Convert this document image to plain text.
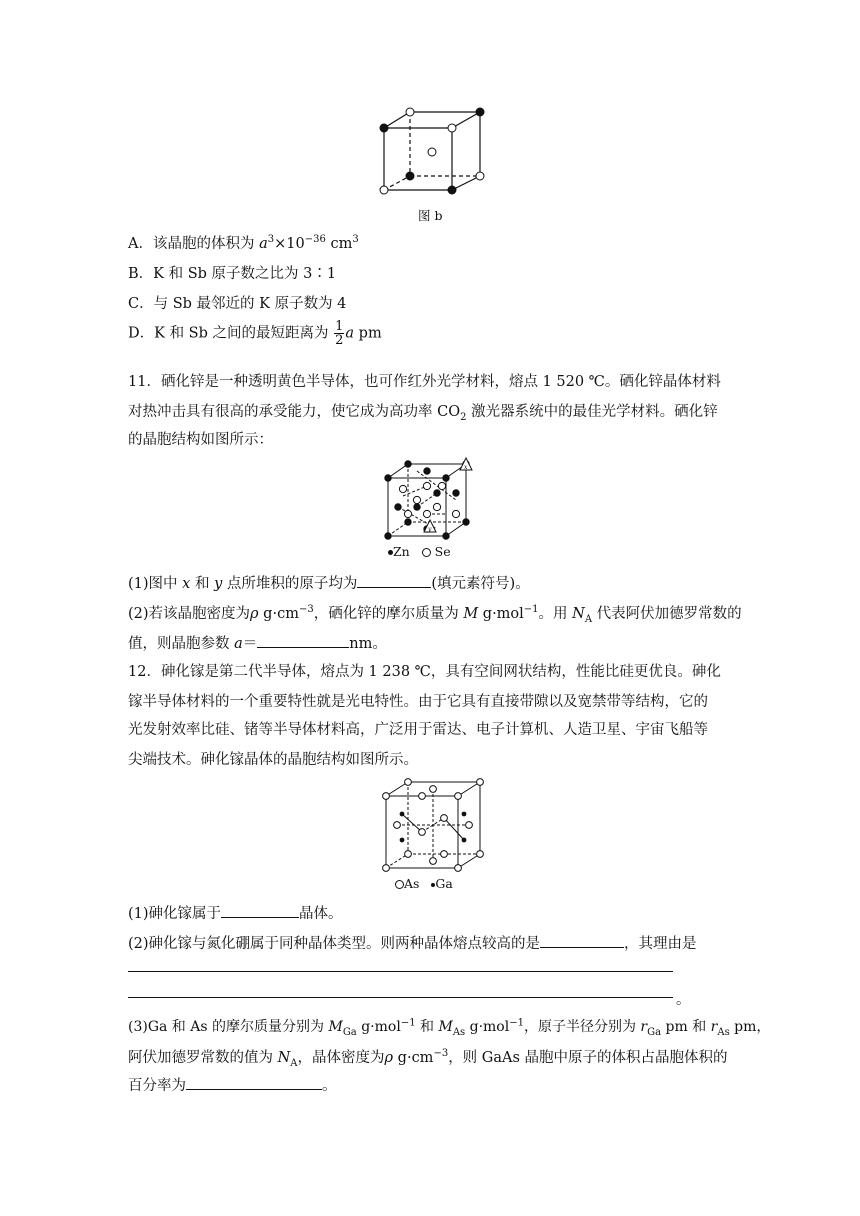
图 b
A．该晶胞的体积为 $a^3\times 10^{-36}$ $cm^3$
B．K 和 Sb 原子数之比为 3∶1
C．与 Sb 最邻近的 K 原子数为 4
D．K 和 Sb 之间的最短距离为 $\frac{1}{2}$ a pm
11．硒化锌是一种透明黄色半导体，也可作红外光学材料，熔点 1 520 ℃。硒化锌晶体材料
对热冲击具有很高的承受能力，使它成为高功率 $CO_2$ 激光器系统中的最佳光学材料。硒化锌
的晶胞结构如图所示：
x
y
Zn Se
(1)图中 x 和 y 点所堆积的原子均为	(填元素符号)。
(2)若该晶胞密度为ρ $g\cdot cm^{-3}$，硒化锌的摩尔质量为 M g·mol$^{-1}$。用 $N_A$ 代表阿伏加德罗常数的
值，则晶胞参数 a＝	nm。
12．砷化镓是第二代半导体，熔点为 1 238 ℃，具有空间网状结构，性能比硅更优良。砷化
镓半导体材料的一个重要特性就是光电特性。由于它具有直接带隙以及宽禁带等结构，它的
光发射效率比硅、锗等半导体材料高，广泛用于雷达、电子计算机、人造卫星、宇宙飞船等
尖端技术。砷化镓晶体的晶胞结构如图所示。
As Ga
(1)砷化镓属于	晶体。
(2)砷化镓与氮化硼属于同种晶体类型。则两种晶体熔点较高的是	，其理由是
。
(3)Ga 和 As 的摩尔质量分别为 $M_{Ga}$ g·mol$^{-1}$ 和 $M_{As}$ g·mol$^{-1}$，原子半径分别为 $r_{Ga}$ pm 和 $r_{As}$ pm，
阿伏加德罗常数的值为 $N_A$，晶体密度为ρ $g\cdot cm^{-3}$，则 GaAs 晶胞中原子的体积占晶胞体积的
百分率为	。
